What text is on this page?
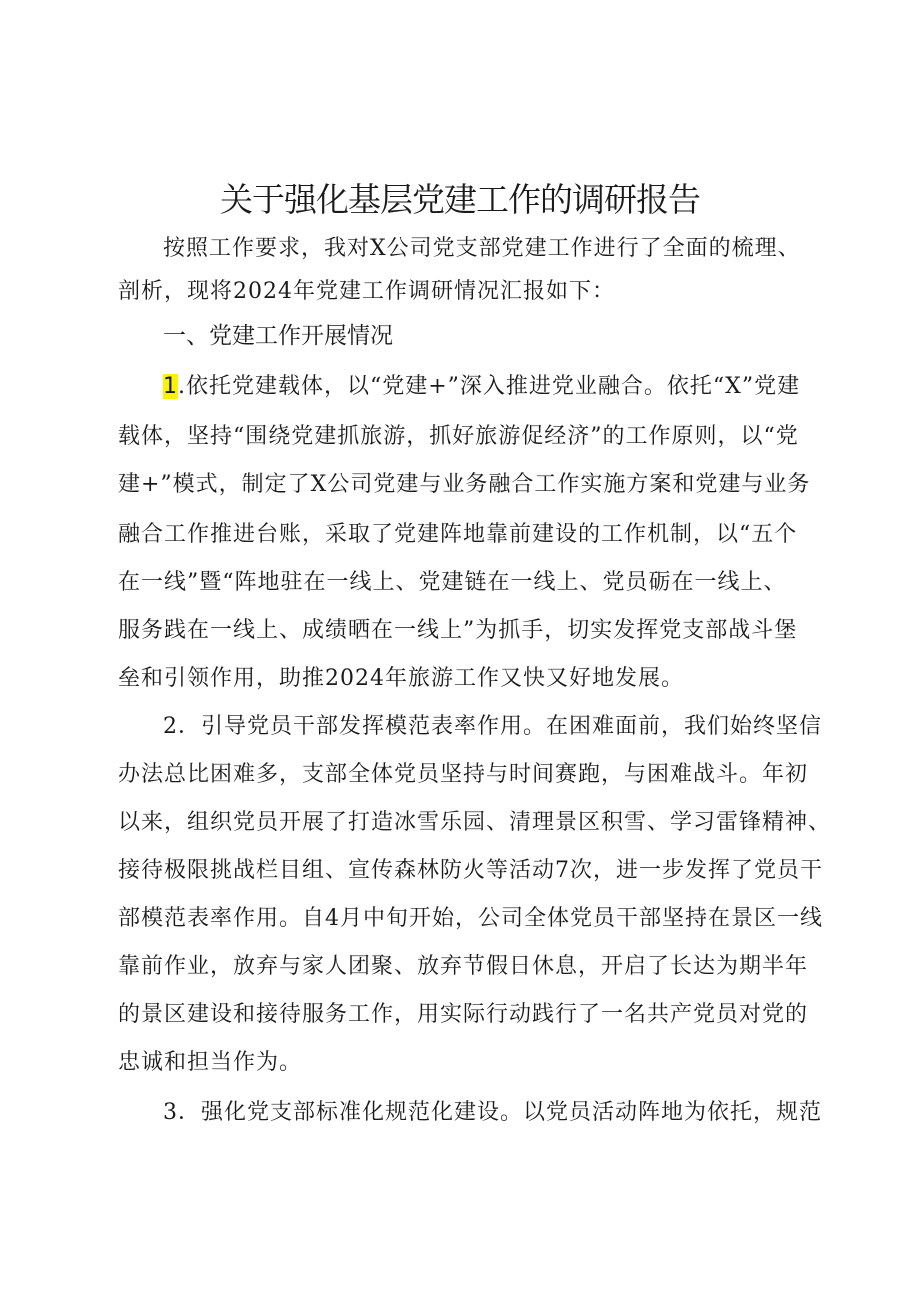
关于强化基层党建工作的调研报告
按照工作要求，我对X公司党支部党建工作进行了全面的梳理、
剖析，现将2024年党建工作调研情况汇报如下：
一、党建工作开展情况
1.依托党建载体，以“党建+”深入推进党业融合。依托“X”党建
载体，坚持“围绕党建抓旅游，抓好旅游促经济”的工作原则，以“党
建+”模式，制定了X公司党建与业务融合工作实施方案和党建与业务
融合工作推进台账，采取了党建阵地靠前建设的工作机制，以“五个
在一线”暨“阵地驻在一线上、党建链在一线上、党员砺在一线上、
服务践在一线上、成绩晒在一线上”为抓手，切实发挥党支部战斗堡
垒和引领作用，助推2024年旅游工作又快又好地发展。
2．引导党员干部发挥模范表率作用。在困难面前，我们始终坚信
办法总比困难多，支部全体党员坚持与时间赛跑，与困难战斗。年初
以来，组织党员开展了打造冰雪乐园、清理景区积雪、学习雷锋精神、
接待极限挑战栏目组、宣传森林防火等活动7次，进一步发挥了党员干
部模范表率作用。自4月中旬开始，公司全体党员干部坚持在景区一线
靠前作业，放弃与家人团聚、放弃节假日休息，开启了长达为期半年
的景区建设和接待服务工作，用实际行动践行了一名共产党员对党的
忠诚和担当作为。
3．强化党支部标准化规范化建设。以党员活动阵地为依托，规范
